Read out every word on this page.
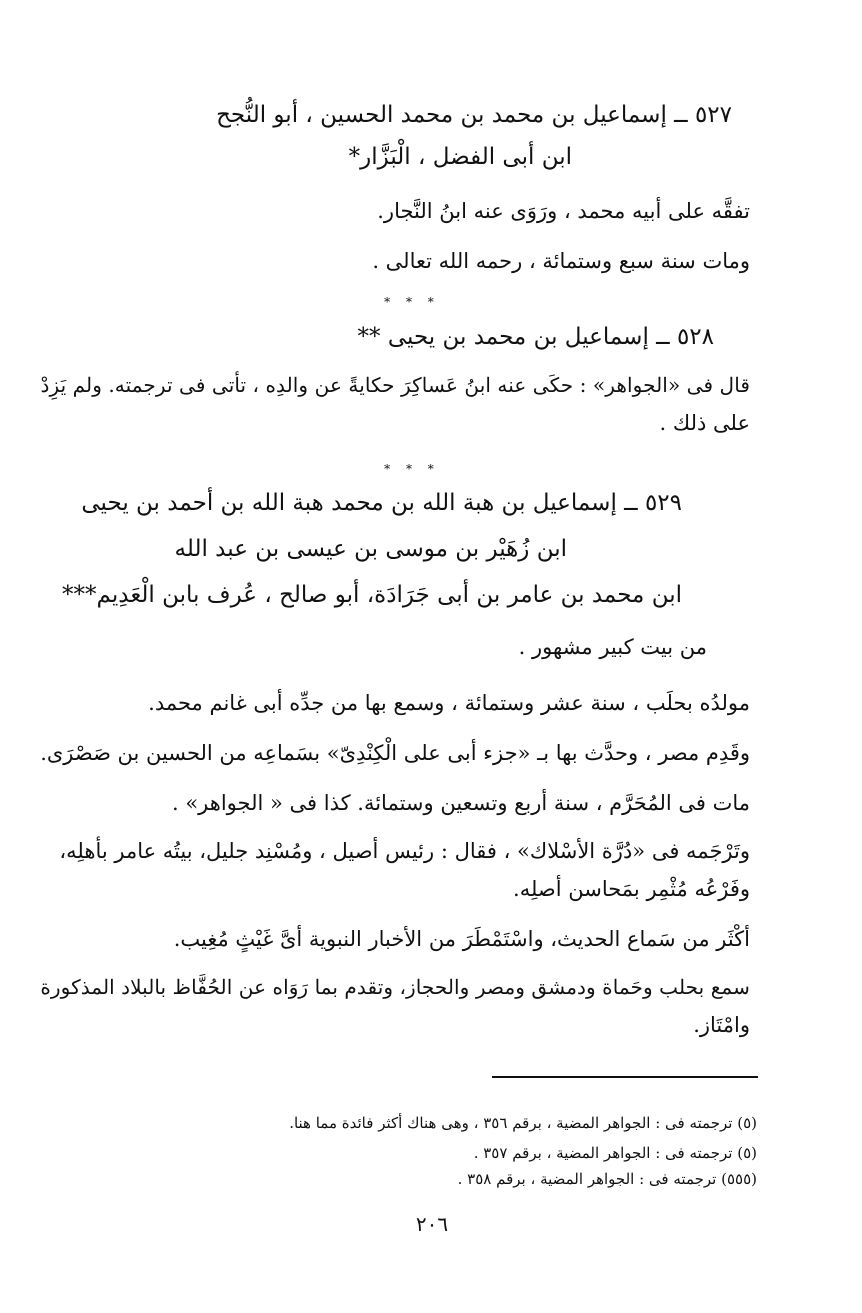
٥٢٧ ــ إسماعيل بن محمد بن محمد الحسين ، أبو النُّجح
ابن أبى الفضل ، الْبَزَّار*
تفقَّه على أبيه محمد ، ورَوَى عنه ابنُ النَّجار.
ومات سنة سبع وستمائة ، رحمه الله تعالى .
* * *
٥٢٨ ــ إسماعيل بن محمد بن يحيى **
قال فى «الجواهر» : حكَى عنه ابنُ عَساكِرَ حكايةً عن والدِه ، تأتى فى ترجمته. ولم يَزِدْ
على ذلك .
* * *
٥٢٩ ــ إسماعيل بن هبة الله بن محمد هبة الله بن أحمد بن يحيى
ابن زُهَيْر بن موسى بن عيسى بن عبد الله
ابن محمد بن عامر بن أبى جَرَادَة، أبو صالح ، عُرف بابن الْعَدِيم***
من بيت كبير مشهور .
مولدُه بحلَب ، سنة عشر وستمائة ، وسمع بها من جدِّه أبى غانم محمد.
وقَدِم مصر ، وحدَّث بها بـ «جزء أبى على الْكِنْدِىّ» بسَماعِه من الحسين بن صَصْرَى.
مات فى المُحَرَّم ، سنة أربع وتسعين وستمائة. كذا فى « الجواهر» .
وتَرْجَمه فى «دُرَّة الأسْلاك» ، فقال : رئيس أصيل ، ومُسْنِد جليل، بيتُه عامر بأهلِه،
وفَرْعُه مُثْمِر بمَحاسن أصلِه.
أكْثَر من سَماع الحديث، واسْتَمْطَرَ من الأخبار النبوية أىَّ غَيْثٍ مُغِيب.
سمع بحلب وحَماة ودمشق ومصر والحجاز، وتقدم بما رَوَاه عن الحُفَّاظ بالبلاد المذكورة
وامْتَاز.
(٥) ترجمته فى : الجواهر المضية ، برقم ٣٥٦ ، وهى هناك أكثر فائدة مما هنا.
(٥) ترجمته فى : الجواهر المضية ، برقم ٣٥٧ .
(٥٥٥) ترجمته فى : الجواهر المضية ، برقم ٣٥٨ .
٢٠٦
